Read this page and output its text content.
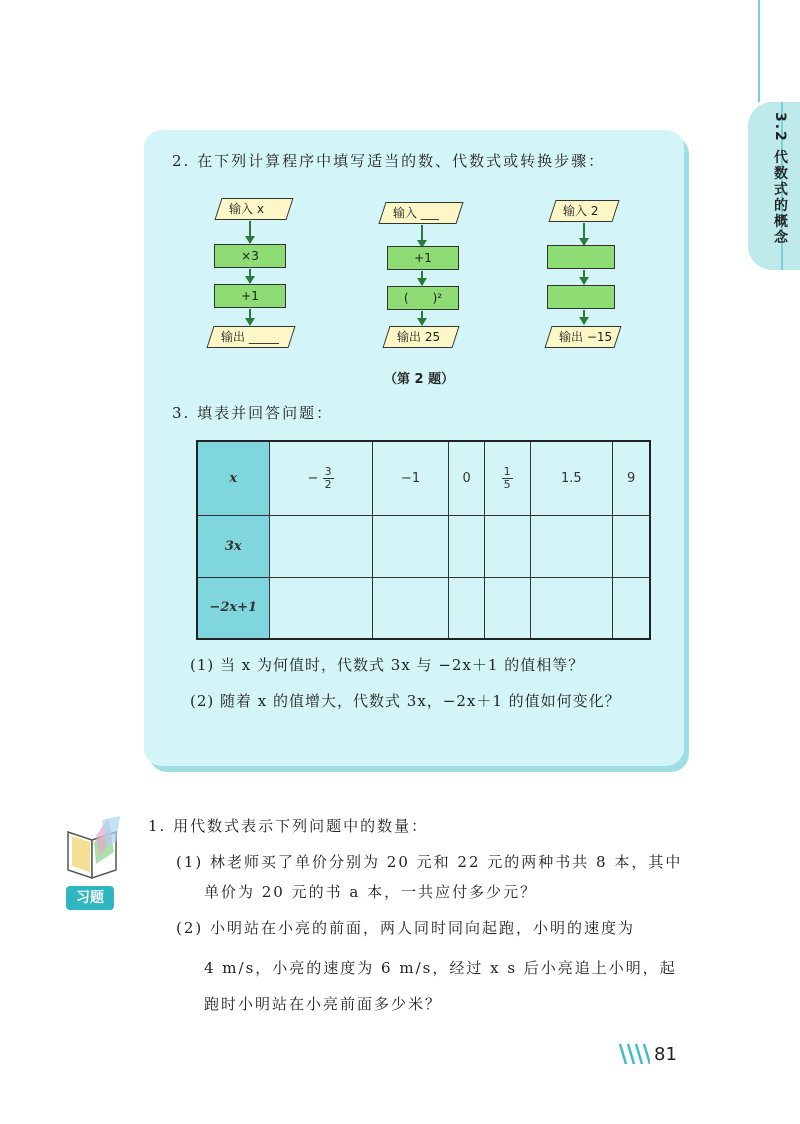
3.2 代数式的概念
2. 在下列计算程序中填写适当的数、代数式或转换步骤：
输入 x
×3
+1
输出 _____
输入 ___
+1
(　　)²
输出 25
输入 2
输出 −15
（第 2 题）
3. 填表并回答问题：
x	− $\frac{3}{2}$	−1	0	$\frac{1}{5}$	1.5	9
3x						
−2x+1						
(1) 当 x 为何值时，代数式 3x 与 −2x＋1 的值相等？
(2) 随着 x 的值增大，代数式 3x，−2x＋1 的值如何变化？
习题
1. 用代数式表示下列问题中的数量：
(1) 林老师买了单价分别为 20 元和 22 元的两种书共 8 本，其中
单价为 20 元的书 a 本，一共应付多少元？
(2) 小明站在小亮的前面，两人同时同向起跑，小明的速度为
4 m/s，小亮的速度为 6 m/s，经过 x s 后小亮追上小明，起
跑时小明站在小亮前面多少米？
81
